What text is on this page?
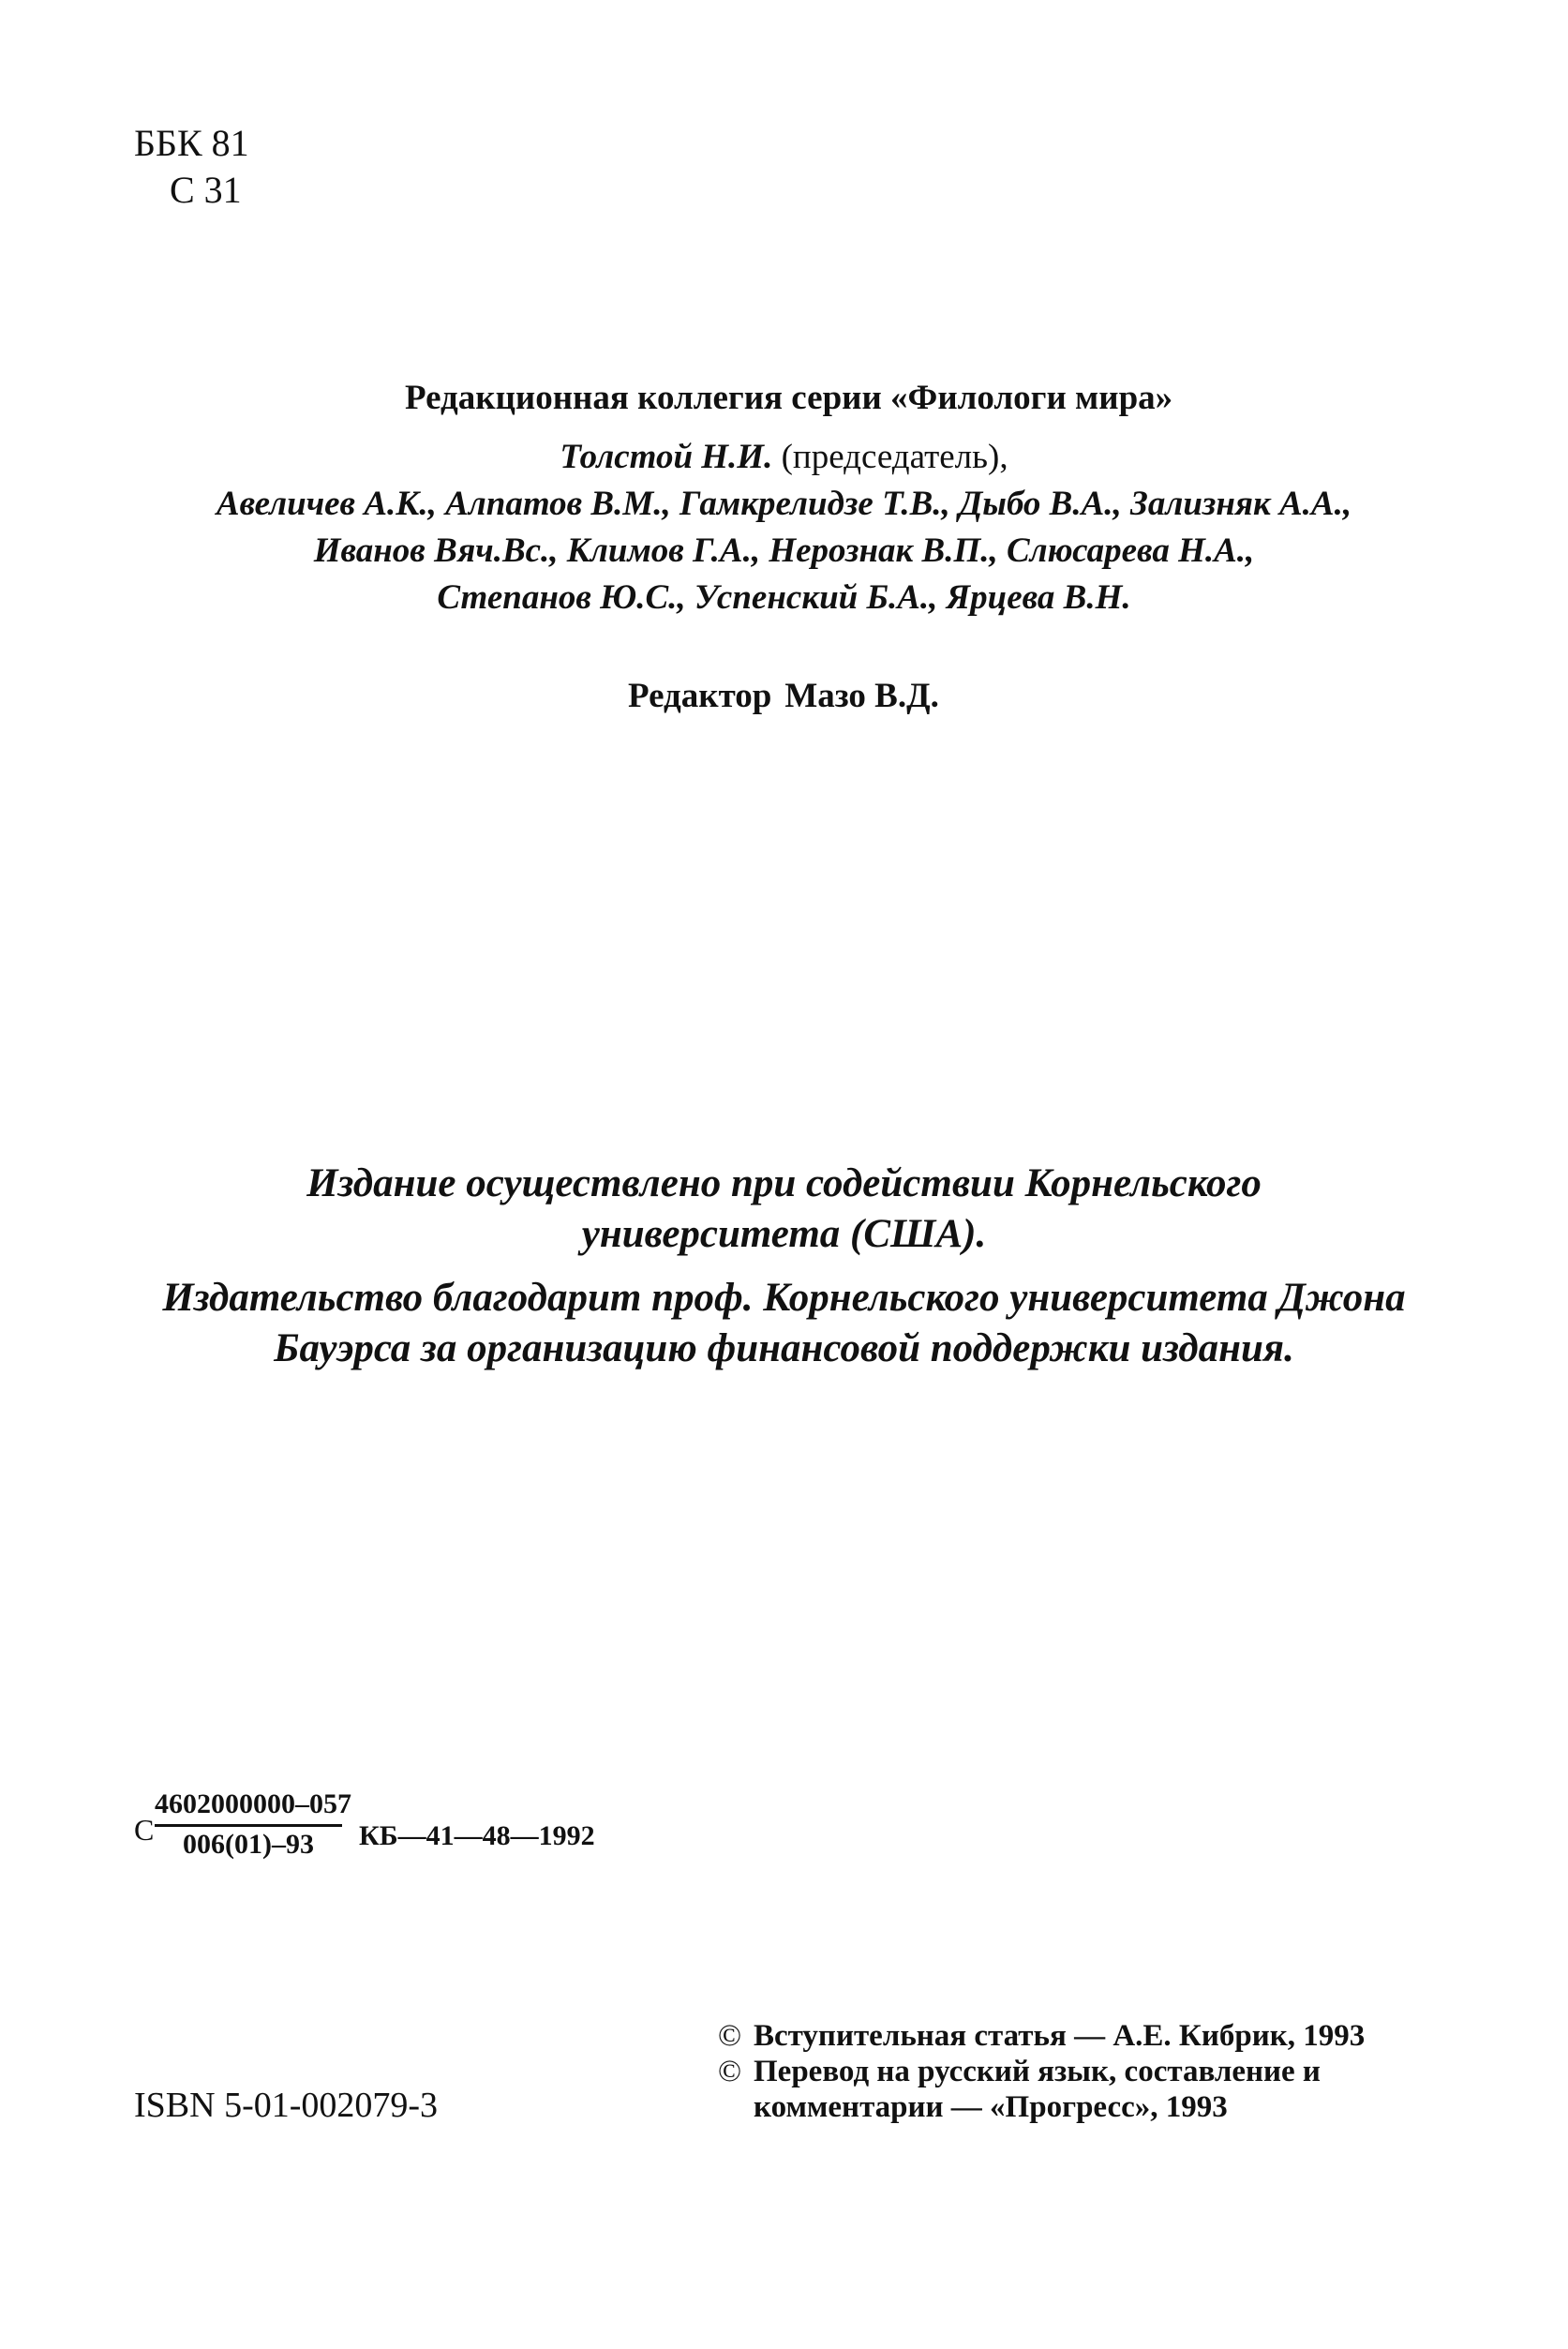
ББК 81
С 31
Редакционная коллегия серии «Филологи мира»
Толстой Н.И. (председатель),
Авеличев А.К., Алпатов В.М., Гамкрелидзе Т.В., Дыбо В.А., Зализняк А.А.,
Иванов Вяч.Вс., Климов Г.А., Нерознак В.П., Слюсарева Н.А.,
Степанов Ю.С., Успенский Б.А., Ярцева В.Н.
Редактор Мазо В.Д.
Издание осуществлено при содействии Корнельского
университета (США).
Издательство благодарит проф. Корнельского университета Джона
Бауэрса за организацию финансовой поддержки издания.
С $\frac{4602000000-057}{006(01)-93}$
КБ—41—48—1992
ISBN 5-01-002079-3
© Вступительная статья — А.Е. Кибрик, 1993
© Перевод на русский язык, составление и
комментарии — «Прогресс», 1993
